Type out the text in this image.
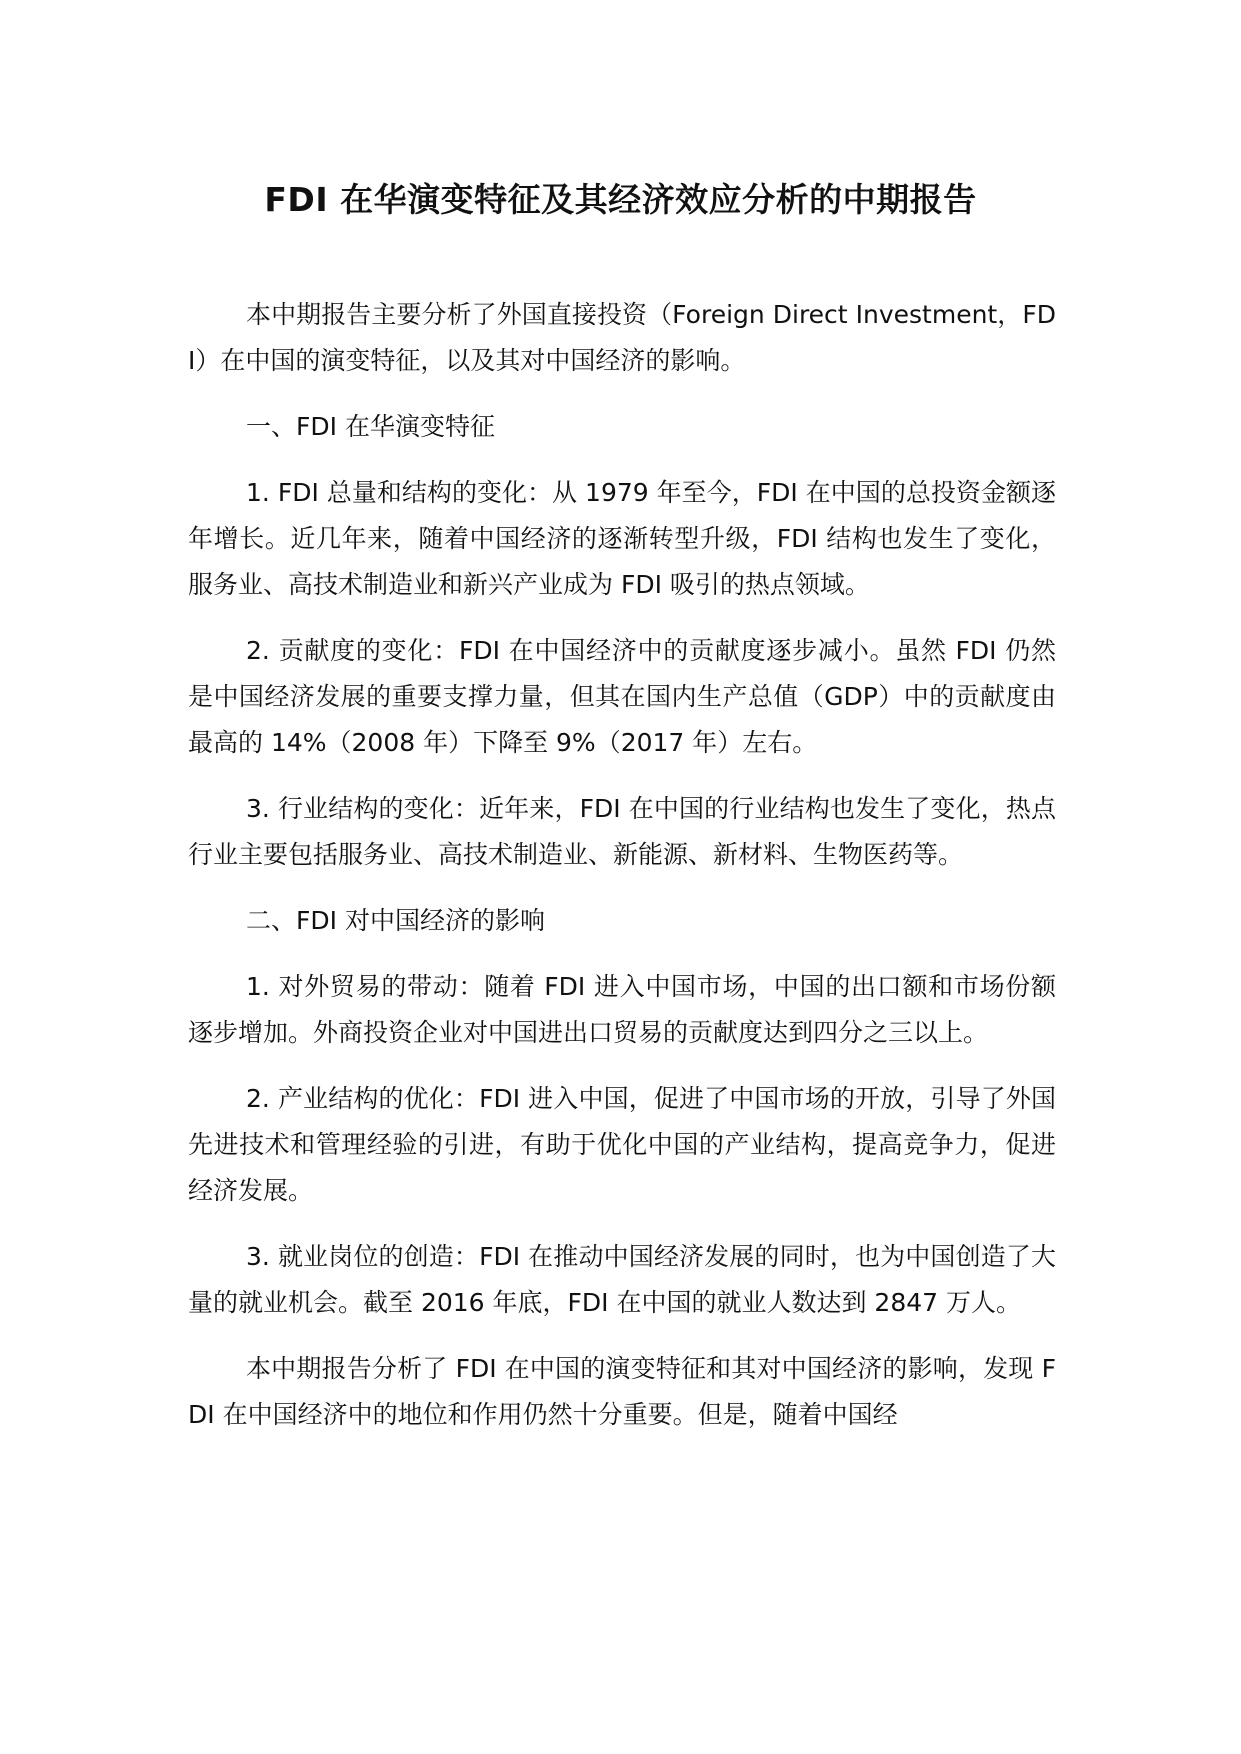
FDI 在华演变特征及其经济效应分析的中期报告

本中期报告主要分析了外国直接投资（Foreign Direct Investment，FDI）在中国的演变特征，以及其对中国经济的影响。

一、FDI 在华演变特征

1. FDI 总量和结构的变化：从 1979 年至今，FDI 在中国的总投资金额逐年增长。近几年来，随着中国经济的逐渐转型升级，FDI 结构也发生了变化，服务业、高技术制造业和新兴产业成为 FDI 吸引的热点领域。

2. 贡献度的变化：FDI 在中国经济中的贡献度逐步减小。虽然 FDI 仍然是中国经济发展的重要支撑力量，但其在国内生产总值（GDP）中的贡献度由最高的 14%（2008 年）下降至 9%（2017 年）左右。

3. 行业结构的变化：近年来，FDI 在中国的行业结构也发生了变化，热点行业主要包括服务业、高技术制造业、新能源、新材料、生物医药等。

二、FDI 对中国经济的影响

1. 对外贸易的带动：随着 FDI 进入中国市场，中国的出口额和市场份额逐步增加。外商投资企业对中国进出口贸易的贡献度达到四分之三以上。

2. 产业结构的优化：FDI 进入中国，促进了中国市场的开放，引导了外国先进技术和管理经验的引进，有助于优化中国的产业结构，提高竞争力，促进经济发展。

3. 就业岗位的创造：FDI 在推动中国经济发展的同时，也为中国创造了大量的就业机会。截至 2016 年底，FDI 在中国的就业人数达到 2847 万人。

本中期报告分析了 FDI 在中国的演变特征和其对中国经济的影响，发现 FDI 在中国经济中的地位和作用仍然十分重要。但是，随着中国经
